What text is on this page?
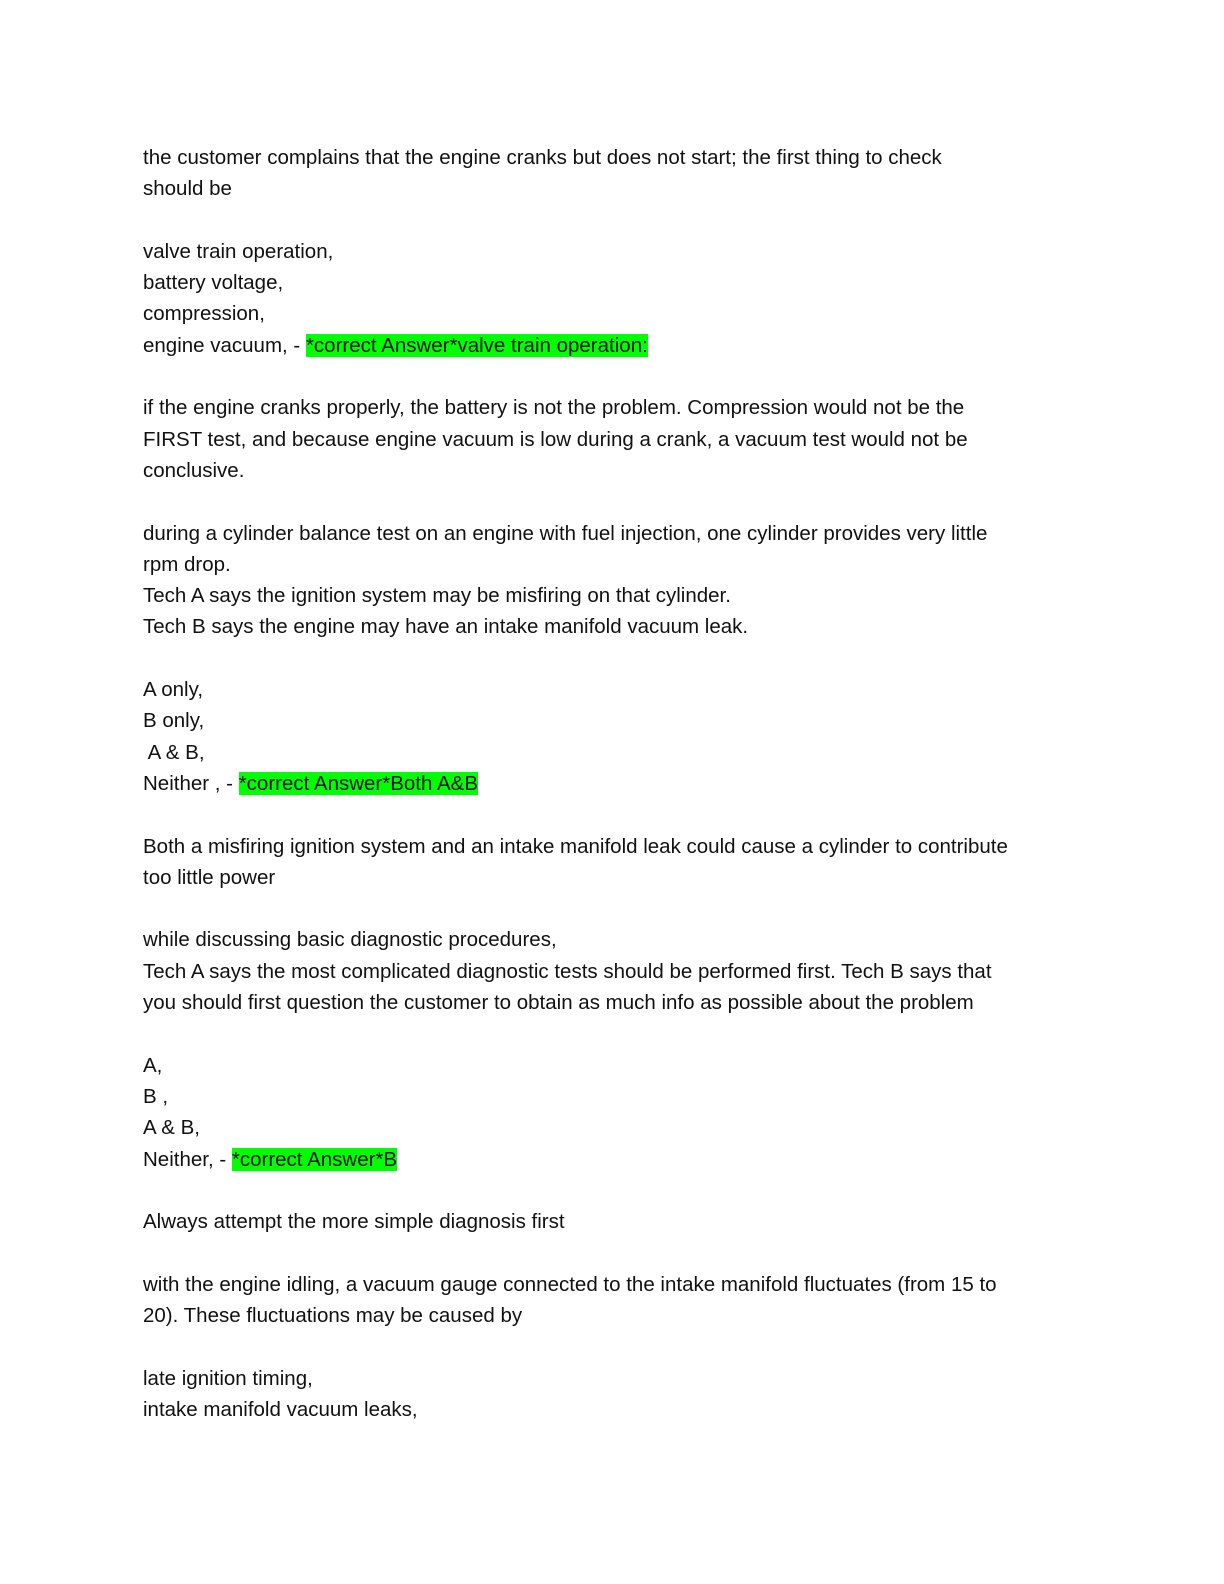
the customer complains that the engine cranks but does not start; the first thing to check
should be
valve train operation,
battery voltage,
compression,
engine vacuum, - *correct Answer*valve train operation:
if the engine cranks properly, the battery is not the problem. Compression would not be the
FIRST test, and because engine vacuum is low during a crank, a vacuum test would not be
conclusive.
during a cylinder balance test on an engine with fuel injection, one cylinder provides very little
rpm drop.
Tech A says the ignition system may be misfiring on that cylinder.
Tech B says the engine may have an intake manifold vacuum leak.
A only,
B only,
A & B,
Neither , - *correct Answer*Both A&B
Both a misfiring ignition system and an intake manifold leak could cause a cylinder to contribute
too little power
while discussing basic diagnostic procedures,
Tech A says the most complicated diagnostic tests should be performed first. Tech B says that
you should first question the customer to obtain as much info as possible about the problem
A,
B ,
A & B,
Neither, - *correct Answer*B
Always attempt the more simple diagnosis first
with the engine idling, a vacuum gauge connected to the intake manifold fluctuates (from 15 to
20). These fluctuations may be caused by
late ignition timing,
intake manifold vacuum leaks,
